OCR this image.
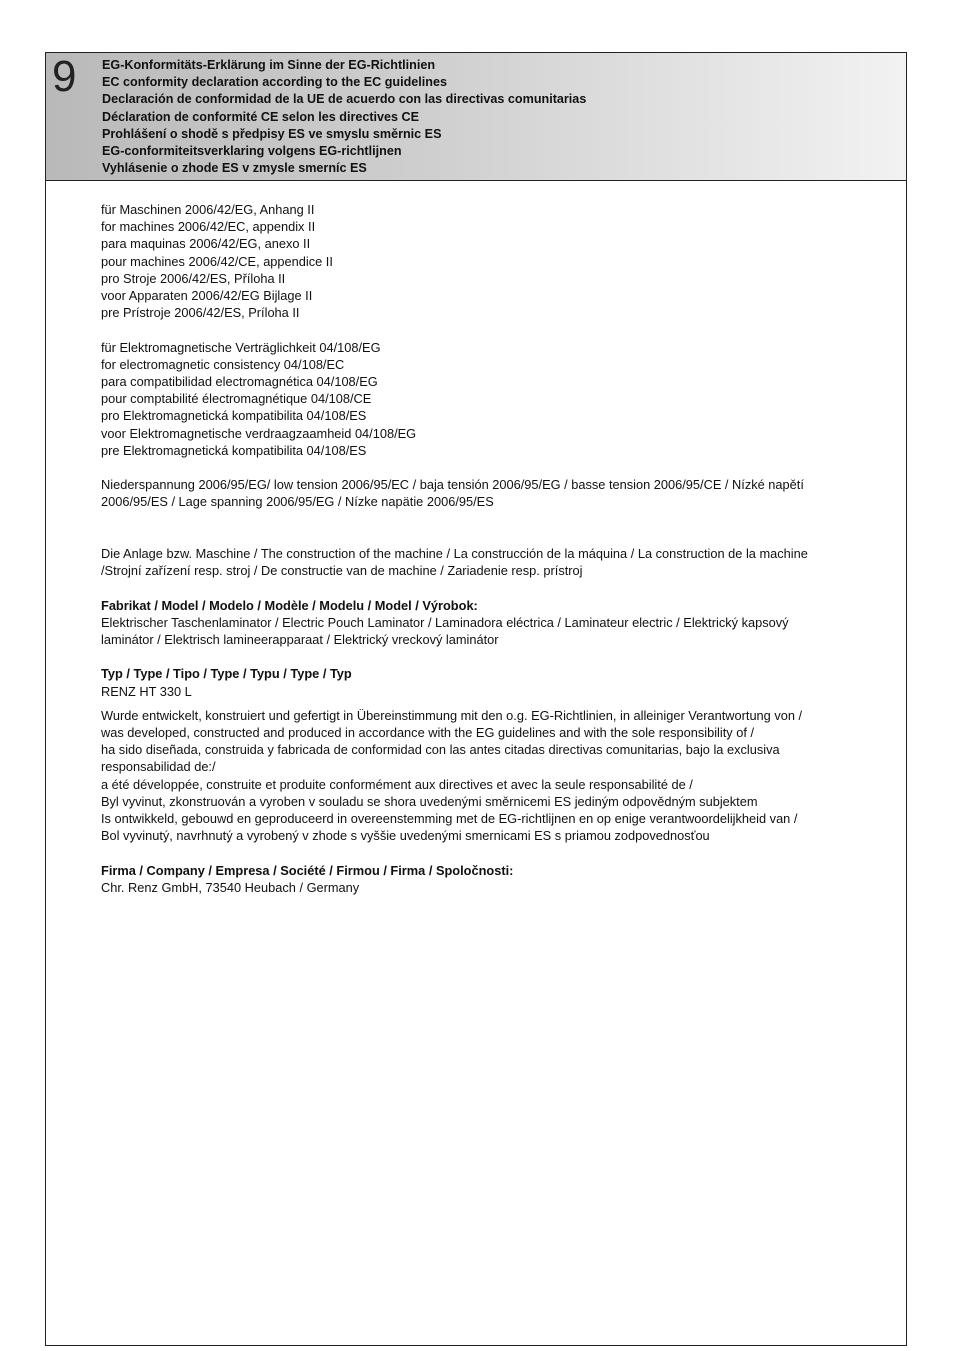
9 EG-Konformitäts-Erklärung im Sinne der EG-Richtlinien
EC conformity declaration according to the EC guidelines
Declaración de conformidad de la UE de acuerdo con las directivas comunitarias
Déclaration de conformité CE selon les directives CE
Prohlášení o shodě s předpisy ES ve smyslu směrnic ES
EG-conformiteitsverklaring volgens EG-richtlijnen
Vyhlásenie o zhode ES v zmysle smerníc ES
für Maschinen 2006/42/EG, Anhang II
for machines 2006/42/EC, appendix II
para maquinas 2006/42/EG, anexo II
pour machines 2006/42/CE, appendice II
pro Stroje 2006/42/ES, Příloha II
voor Apparaten 2006/42/EG Bijlage II
pre Prístroje 2006/42/ES, Príloha II
für Elektromagnetische Verträglichkeit 04/108/EG
for electromagnetic consistency 04/108/EC
para compatibilidad electromagnética 04/108/EG
pour comptabilité électromagnétique 04/108/CE
pro Elektromagnetická kompatibilita 04/108/ES
voor Elektromagnetische verdraagzaamheid 04/108/EG
pre Elektromagnetická kompatibilita 04/108/ES
Niederspannung 2006/95/EG/ low tension 2006/95/EC / baja tensión 2006/95/EG / basse tension 2006/95/CE / Nízké napětí
2006/95/ES / Lage spanning 2006/95/EG / Nízke napätie 2006/95/ES
Die Anlage bzw. Maschine / The construction of the machine / La construcción de la máquina / La construction de la machine
/Strojní zařízení resp. stroj / De constructie van de machine / Zariadenie resp. prístroj
Fabrikat / Model / Modelo / Modèle / Modelu / Model / Výrobok:
Elektrischer Taschenlaminator / Electric Pouch Laminator / Laminadora eléctrica / Laminateur electric / Elektrický kapsový
laminátor / Elektrisch lamineerapparaat / Elektrický vreckový laminátor
Typ / Type / Tipo / Type / Typu / Type / Typ
RENZ HT 330 L
Wurde entwickelt, konstruiert und gefertigt in Übereinstimmung mit den o.g. EG-Richtlinien, in alleiniger Verantwortung von /
was developed, constructed and produced in accordance with the EG guidelines and with the sole responsibility of /
ha sido diseñada, construida y fabricada de conformidad con las antes citadas directivas comunitarias, bajo la exclusiva
responsabilidad de:/
a été développée, construite et produite conformément aux directives et avec la seule responsabilité de /
Byl vyvinut, zkonstruován a vyroben v souladu se shora uvedenými směrnicemi ES jediným odpovědným subjektem
Is ontwikkeld, gebouwd en geproduceerd in overeenstemming met de EG-richtlijnen en op enige verantwoordelijkheid van /
Bol vyvinutý, navrhnutý a vyrobený v zhode s vyššie uvedenými smernicami ES s priamou zodpovednosťou
Firma / Company / Empresa / Société / Firmou / Firma / Spoločnosti:
Chr. Renz GmbH, 73540 Heubach / Germany
